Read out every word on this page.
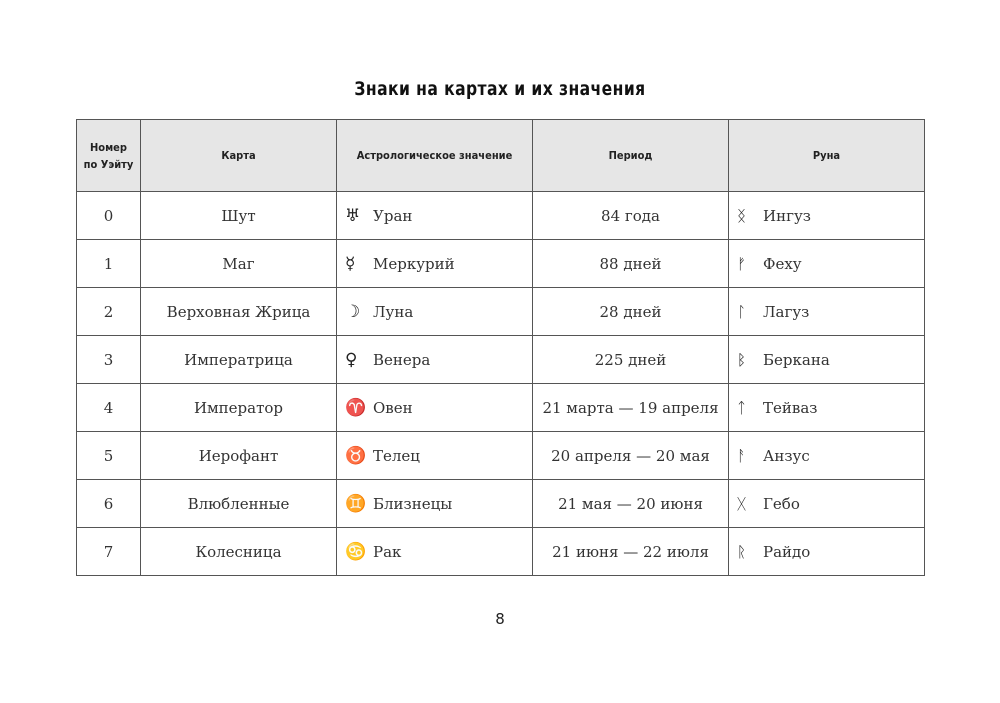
Знаки на картах и их значения
Номер
по Уэйту	Карта	Астрологическое значение	Период	Руна
0	Шут	♅ Уран	84 года	ᛝ Ингуз
1	Маг	☿ Меркурий	88 дней	ᚠ Феху
2	Верховная Жрица	☽ Луна	28 дней	ᛚ Лагуз
3	Императрица	♀ Венера	225 дней	ᛒ Беркана
4	Император	♈ Овен	21 марта — 19 апреля	ᛏ Тейваз
5	Иерофант	♉ Телец	20 апреля — 20 мая	ᚨ Анзус
6	Влюбленные	♊ Близнецы	21 мая — 20 июня	ᚷ Гебо
7	Колесница	♋ Рак	21 июня — 22 июля	ᚱ Райдо
8
